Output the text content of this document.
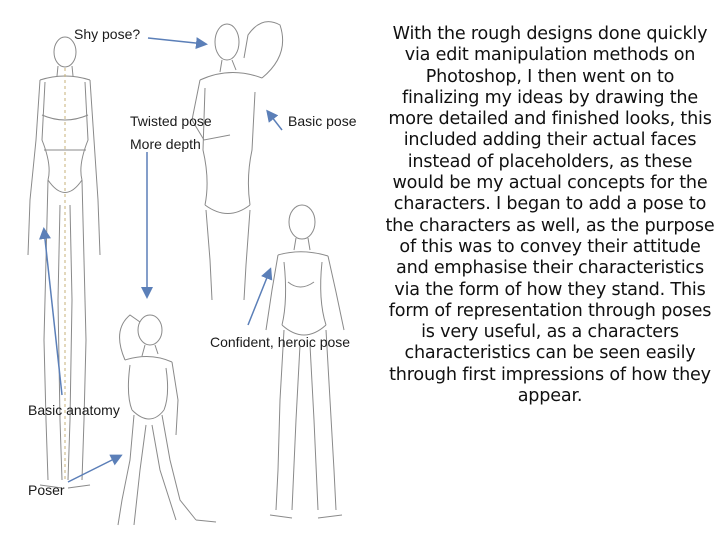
Shy pose?
Twisted pose
More depth
Basic pose
Confident, heroic pose
Basic anatomy
Poser

With the rough designs done quickly via edit manipulation methods on Photoshop, I then went on to finalizing my ideas by drawing the more detailed and finished looks, this included adding their actual faces instead of placeholders, as these would be my actual concepts for the characters. I began to add a pose to the characters as well, as the purpose of this was to convey their attitude and emphasise their characteristics via the form of how they stand. This form of representation through poses is very useful, as a characters characteristics can be seen easily through first impressions of how they appear.
